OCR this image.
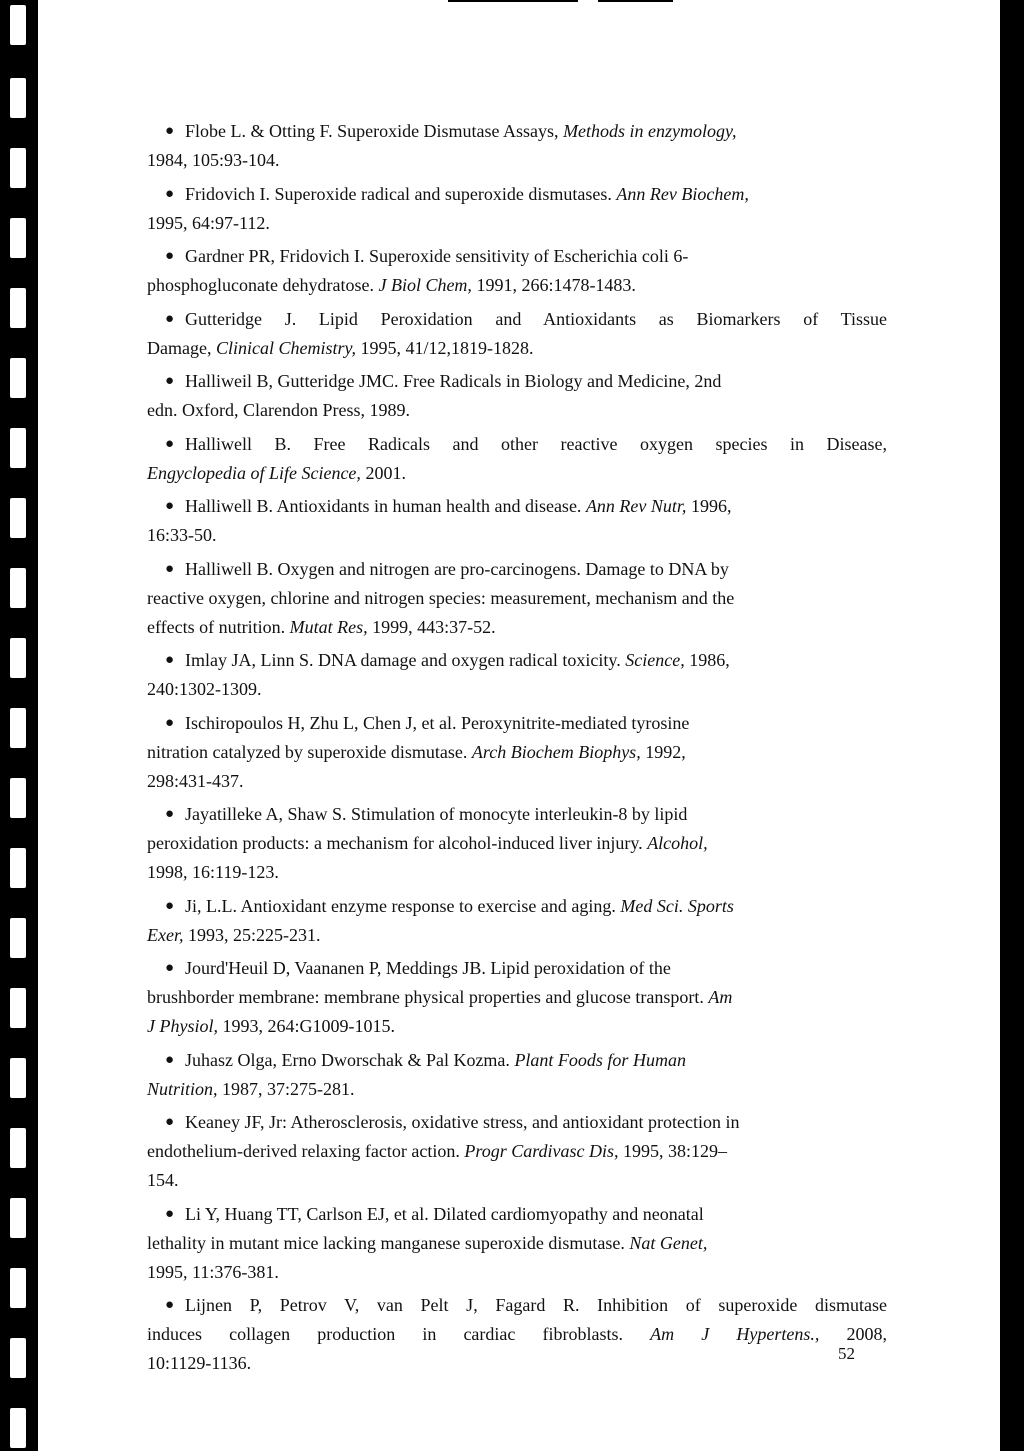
● Flobe L. & Otting F. Superoxide Dismutase Assays, Methods in enzymology,
1984, 105:93-104.
● Fridovich I. Superoxide radical and superoxide dismutases. Ann Rev Biochem,
1995, 64:97-112.
● Gardner PR, Fridovich I. Superoxide sensitivity of Escherichia coli 6-
phosphogluconate dehydratose. J Biol Chem, 1991, 266:1478-1483.
● Gutteridge J. Lipid Peroxidation and Antioxidants as Biomarkers of Tissue
Damage, Clinical Chemistry, 1995, 41/12,1819-1828.
● Halliweil B, Gutteridge JMC. Free Radicals in Biology and Medicine, 2nd
edn. Oxford, Clarendon Press, 1989.
● Halliwell B. Free Radicals and other reactive oxygen species in Disease,
Engyclopedia of Life Science, 2001.
● Halliwell B. Antioxidants in human health and disease. Ann Rev Nutr, 1996,
16:33-50.
● Halliwell B. Oxygen and nitrogen are pro-carcinogens. Damage to DNA by
reactive oxygen, chlorine and nitrogen species: measurement, mechanism and the
effects of nutrition. Mutat Res, 1999, 443:37-52.
● Imlay JA, Linn S. DNA damage and oxygen radical toxicity. Science, 1986,
240:1302-1309.
● Ischiropoulos H, Zhu L, Chen J, et al. Peroxynitrite-mediated tyrosine
nitration catalyzed by superoxide dismutase. Arch Biochem Biophys, 1992,
298:431-437.
● Jayatilleke A, Shaw S. Stimulation of monocyte interleukin-8 by lipid
peroxidation products: a mechanism for alcohol-induced liver injury. Alcohol,
1998, 16:119-123.
● Ji, L.L. Antioxidant enzyme response to exercise and aging. Med Sci. Sports
Exer, 1993, 25:225-231.
● Jourd'Heuil D, Vaananen P, Meddings JB. Lipid peroxidation of the
brushborder membrane: membrane physical properties and glucose transport. Am
J Physiol, 1993, 264:G1009-1015.
● Juhasz Olga, Erno Dworschak & Pal Kozma. Plant Foods for Human
Nutrition, 1987, 37:275-281.
● Keaney JF, Jr: Atherosclerosis, oxidative stress, and antioxidant protection in
endothelium-derived relaxing factor action. Progr Cardivasc Dis, 1995, 38:129–
154.
● Li Y, Huang TT, Carlson EJ, et al. Dilated cardiomyopathy and neonatal
lethality in mutant mice lacking manganese superoxide dismutase. Nat Genet,
1995, 11:376-381.
● Lijnen P, Petrov V, van Pelt J, Fagard R. Inhibition of superoxide dismutase
induces collagen production in cardiac fibroblasts. Am J Hypertens., 2008,
10:1129-1136.	52
